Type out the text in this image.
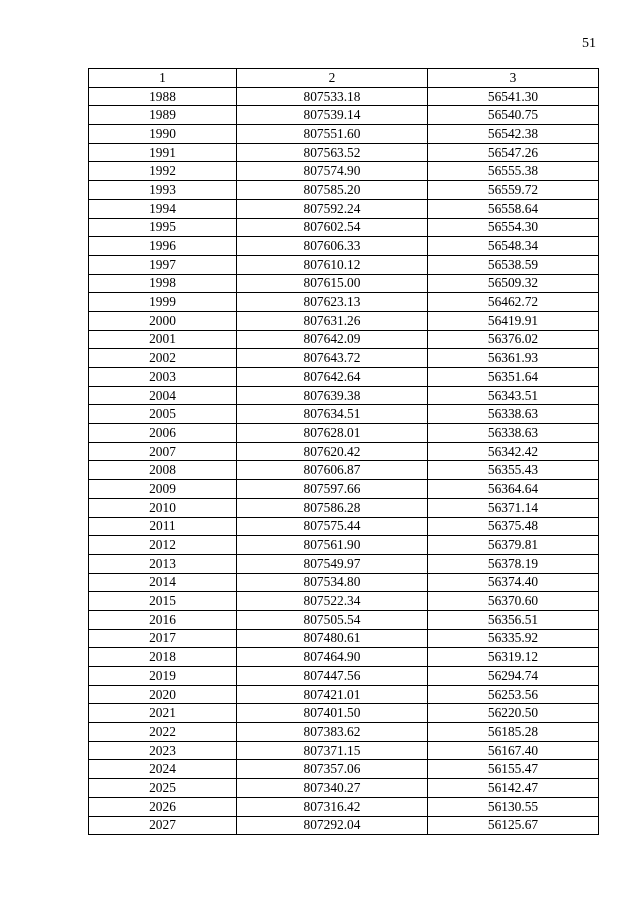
51
1	2	3
1988	807533.18	56541.30
1989	807539.14	56540.75
1990	807551.60	56542.38
1991	807563.52	56547.26
1992	807574.90	56555.38
1993	807585.20	56559.72
1994	807592.24	56558.64
1995	807602.54	56554.30
1996	807606.33	56548.34
1997	807610.12	56538.59
1998	807615.00	56509.32
1999	807623.13	56462.72
2000	807631.26	56419.91
2001	807642.09	56376.02
2002	807643.72	56361.93
2003	807642.64	56351.64
2004	807639.38	56343.51
2005	807634.51	56338.63
2006	807628.01	56338.63
2007	807620.42	56342.42
2008	807606.87	56355.43
2009	807597.66	56364.64
2010	807586.28	56371.14
2011	807575.44	56375.48
2012	807561.90	56379.81
2013	807549.97	56378.19
2014	807534.80	56374.40
2015	807522.34	56370.60
2016	807505.54	56356.51
2017	807480.61	56335.92
2018	807464.90	56319.12
2019	807447.56	56294.74
2020	807421.01	56253.56
2021	807401.50	56220.50
2022	807383.62	56185.28
2023	807371.15	56167.40
2024	807357.06	56155.47
2025	807340.27	56142.47
2026	807316.42	56130.55
2027	807292.04	56125.67
